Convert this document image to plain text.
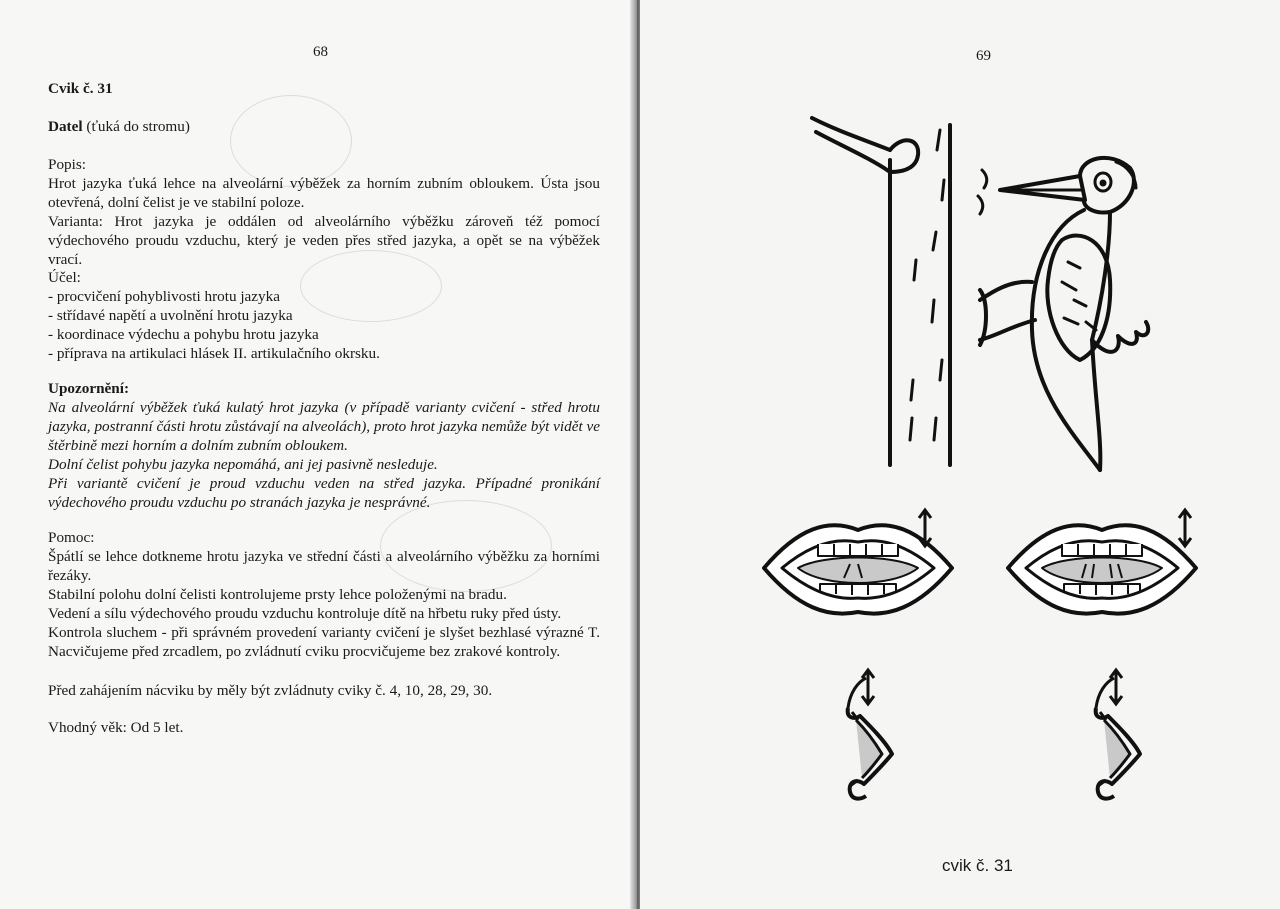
68
Cvik č. 31
Datel (ťuká do stromu)

Popis:

Hrot jazyka ťuká lehce na alveolární výběžek za horním zubním obloukem. Ústa jsou otevřená, dolní čelist je ve stabilní poloze.

Varianta: Hrot jazyka je oddálen od alveolárního výběžku zároveň též pomocí výdechového proudu vzduchu, který je veden přes střed jazyka, a opět se na výběžek vrací.

Účel:

- procvičení pohyblivosti hrotu jazyka

- střídavé napětí a uvolnění hrotu jazyka

- koordinace výdechu a pohybu hrotu jazyka

- příprava na artikulaci hlásek II. artikulačního okrsku.

Upozornění:

Na alveolární výběžek ťuká kulatý hrot jazyka (v případě varianty cvičení - střed hrotu jazyka, postranní části hrotu zůstávají na alveolách), proto hrot jazyka nemůže být vidět ve štěrbině mezi horním a dolním zubním obloukem.

Dolní čelist pohybu jazyka nepomáhá, ani jej pasivně nesleduje.

Při variantě cvičení je proud vzduchu veden na střed jazyka. Případné pronikání výdechového proudu vzduchu po stranách jazyka je nesprávné.

Pomoc:

Špátlí se lehce dotkneme hrotu jazyka ve střední části a alveolárního výběžku za horními řezáky.

Stabilní polohu dolní čelisti kontrolujeme prsty lehce položenými na bradu.

Vedení a sílu výdechového proudu vzduchu kontroluje dítě na hřbetu ruky před ústy.

Kontrola sluchem - při správném provedení varianty cvičení je slyšet bezhlasé výrazné T. Nacvičujeme před zrcadlem, po zvládnutí cviku procvičujeme bez zrakové kontroly.

Před zahájením nácviku by měly být zvládnuty cviky č. 4, 10, 28, 29, 30.
Vhodný věk: Od 5 let.
69
cvik č. 31
